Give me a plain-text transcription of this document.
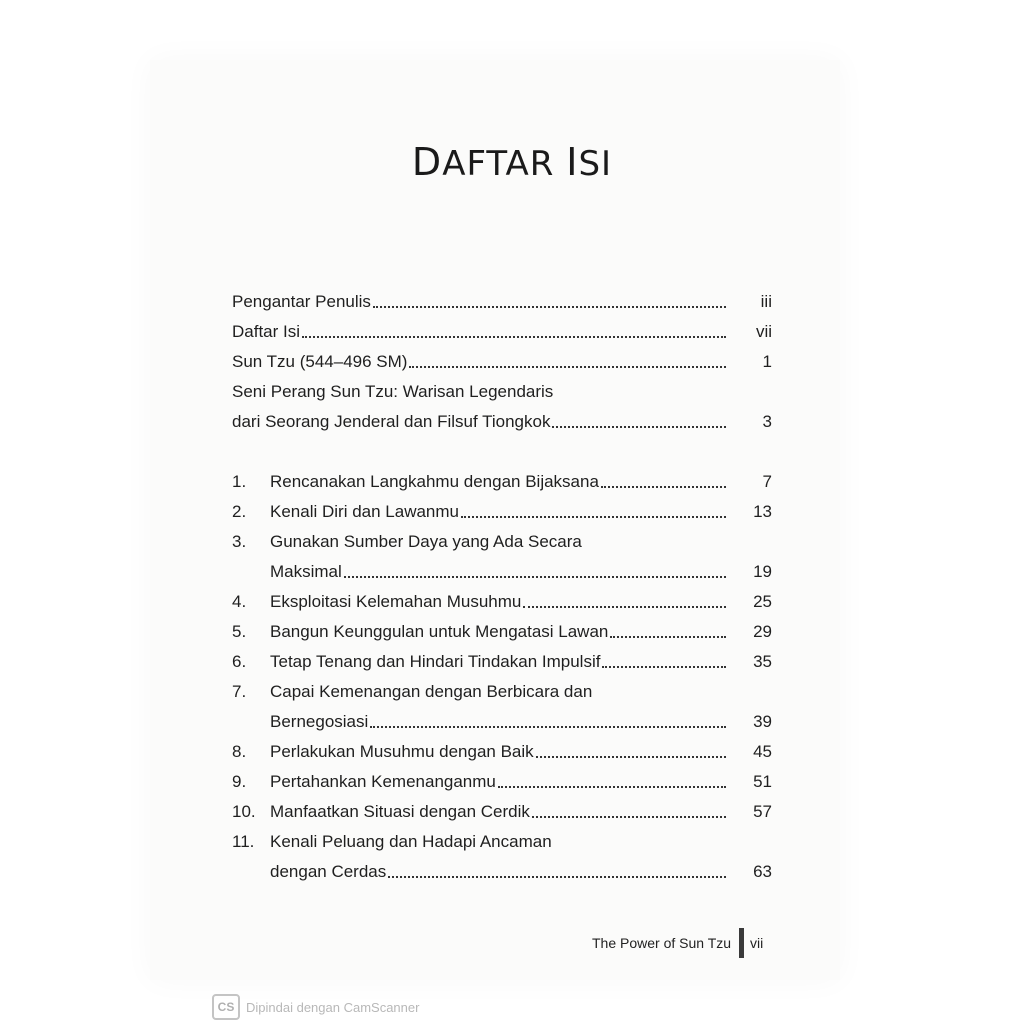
DAFTAR ISI
Pengantar Penulis	iii
Daftar Isi	vii
Sun Tzu (544–496 SM)	1
Seni Perang Sun Tzu: Warisan Legendaris
dari Seorang Jenderal dan Filsuf Tiongkok	3
1.	Rencanakan Langkahmu dengan Bijaksana	7
2.	Kenali Diri dan Lawanmu	13
3.	Gunakan Sumber Daya yang Ada Secara
Maksimal	19
4.	Eksploitasi Kelemahan Musuhmu	25
5.	Bangun Keunggulan untuk Mengatasi Lawan	29
6.	Tetap Tenang dan Hindari Tindakan Impulsif	35
7.	Capai Kemenangan dengan Berbicara dan
Bernegosiasi	39
8.	Perlakukan Musuhmu dengan Baik	45
9.	Pertahankan Kemenanganmu	51
10. Manfaatkan Situasi dengan Cerdik	57
11. Kenali Peluang dan Hadapi Ancaman
dengan Cerdas	63
The Power of Sun Tzu vii
CS Dipindai dengan CamScanner
